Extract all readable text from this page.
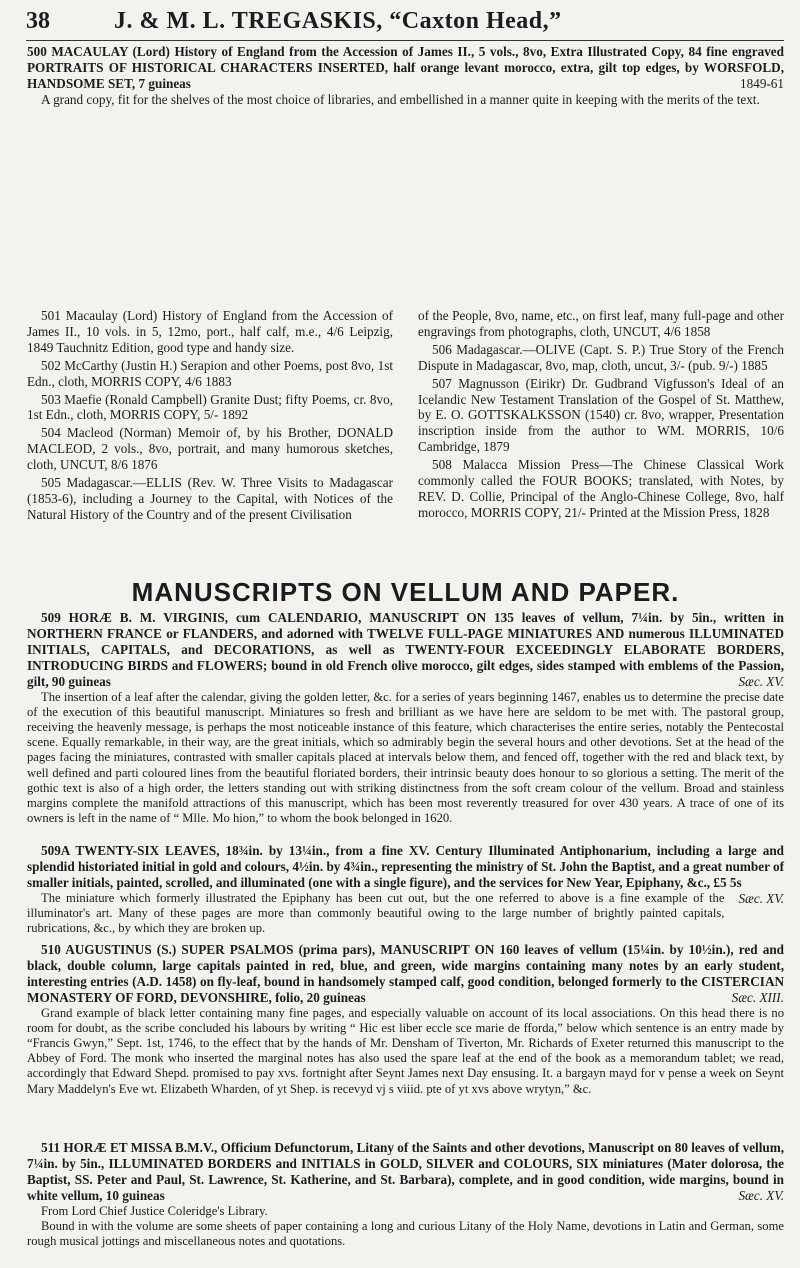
38	J. & M. L. TREGASKIS, “Caxton Head,”

500 MACAULAY (Lord) History of England from the Accession of James II., 5 vols., 8vo, Extra Illustrated Copy, 84 fine engraved PORTRAITS OF HISTORICAL CHARACTERS INSERTED, half orange levant morocco, extra, gilt top edges, by WORSFOLD, HANDSOME SET, 7 guineas	1849-61

A grand copy, fit for the shelves of the most choice of libraries, and embellished in a manner quite in keeping with the merits of the text.

501 Macaulay (Lord) History of England from the Accession of James II., 10 vols. in 5, 12mo, port., half calf, m.e., 4/6 Leipzig, 1849 Tauchnitz Edition, good type and handy size.

502 McCarthy (Justin H.) Serapion and other Poems, post 8vo, 1st Edn., cloth, MORRIS COPY, 4/6 1883

503 Maefie (Ronald Campbell) Granite Dust; fifty Poems, cr. 8vo, 1st Edn., cloth, MORRIS COPY, 5/- 1892

504 Macleod (Norman) Memoir of, by his Brother, DONALD MACLEOD, 2 vols., 8vo, portrait, and many humorous sketches, cloth, UNCUT, 8/6 1876

505 Madagascar.—ELLIS (Rev. W. Three Visits to Madagascar (1853-6), including a Journey to the Capital, with Notices of the Natural History of the Country and of the present Civilisation

of the People, 8vo, name, etc., on first leaf, many full-page and other engravings from photographs, cloth, UNCUT, 4/6 1858

506 Madagascar.—OLIVE (Capt. S. P.) True Story of the French Dispute in Madagascar, 8vo, map, cloth, uncut, 3/- (pub. 9/-) 1885

507 Magnusson (Eirikr) Dr. Gudbrand Vigfusson's Ideal of an Icelandic New Testament Translation of the Gospel of St. Matthew, by E. O. GOTTSKALKSSON (1540) cr. 8vo, wrapper, Presentation inscription inside from the author to WM. MORRIS, 10/6 Cambridge, 1879

508 Malacca Mission Press—The Chinese Classical Work commonly called the FOUR BOOKS; translated, with Notes, by REV. D. Collie, Principal of the Anglo-Chinese College, 8vo, half morocco, MORRIS COPY, 21/- Printed at the Mission Press, 1828

MANUSCRIPTS ON VELLUM AND PAPER.

509 HORÆ B. M. VIRGINIS, cum CALENDARIO, MANUSCRIPT ON 135 leaves of vellum, 7¼in. by 5in., written in NORTHERN FRANCE or FLANDERS, and adorned with TWELVE FULL-PAGE MINIATURES AND numerous ILLUMINATED INITIALS, CAPITALS, and DECORATIONS, as well as TWENTY-FOUR EXCEEDINGLY ELABORATE BORDERS, INTRODUCING BIRDS and FLOWERS; bound in old French olive morocco, gilt edges, sides stamped with emblems of the Passion, gilt, 90 guineas	Sæc. XV.

The insertion of a leaf after the calendar, giving the golden letter, &c. for a series of years beginning 1467, enables us to determine the precise date of the execution of this beautiful manuscript. Miniatures so fresh and brilliant as we have here are seldom to be met with. The pastoral group, receiving the heavenly message, is perhaps the most noticeable instance of this feature, which characterises the entire series, notably the Pentecostal scene. Equally remarkable, in their way, are the great initials, which so admirably begin the several hours and other devotions. Set at the head of the pages facing the miniatures, contrasted with smaller capitals placed at intervals below them, and fenced off, together with the red and black text, by well defined and parti coloured lines from the beautiful floriated borders, their intrinsic beauty does honour to so glorious a setting. The merit of the gothic text is also of a high order, the letters standing out with striking distinctness from the soft cream colour of the vellum. Broad and stainless margins complete the manifold attractions of this manuscript, which has been most reverently treasured for over 430 years. A trace of one of its owners is left in the name of “ Mlle. Mo hion,” to whom the book belonged in 1620.

509A TWENTY-SIX LEAVES, 18¾in. by 13¼in., from a fine XV. Century Illuminated Antiphonarium, including a large and splendid historiated initial in gold and colours, 4½in. by 4¾in., representing the ministry of St. John the Baptist, and a great number of smaller initials, painted, scrolled, and illuminated (one with a single figure), and the services for New Year, Epiphany, &c., £5 5s
Sæc. XV.

The miniature which formerly illustrated the Epiphany has been cut out, but the one referred to above is a fine example of the illuminator's art. Many of these pages are more than commonly beautiful owing to the large number of brightly painted capitals, rubrications, &c., by which they are broken up.

510 AUGUSTINUS (S.) SUPER PSALMOS (prima pars), MANUSCRIPT ON 160 leaves of vellum (15¼in. by 10½in.), red and black, double column, large capitals painted in red, blue, and green, wide margins containing many notes by an early student, interesting entries (A.D. 1458) on fly-leaf, bound in handsomely stamped calf, good condition, belonged formerly to the CISTERCIAN MONASTERY OF FORD, DEVONSHIRE, folio, 20 guineas	Sæc. XIII.

Grand example of black letter containing many fine pages, and especially valuable on account of its local associations. On this head there is no room for doubt, as the scribe concluded his labours by writing “ Hic est liber eccle sce marie de fforda,” below which sentence is an entry made by “Francis Gwyn,” Sept. 1st, 1746, to the effect that by the hands of Mr. Densham of Tiverton, Mr. Richards of Exeter returned this manuscript to the Abbey of Ford. The monk who inserted the marginal notes has also used the spare leaf at the end of the book as a memorandum tablet; we read, accordingly that Edward Shepd. promised to pay xvs. fortnight after Seynt James next Day ensusing. It. a bargayn mayd for v pense a week on Seynt Mary Maddelyn's Eve wt. Elizabeth Wharden, of yt Shep. is recevyd vj s viiid. pte of yt xvs above wrytyn,” &c.

511 HORÆ ET MISSA B.M.V., Officium Defunctorum, Litany of the Saints and other devotions, Manuscript on 80 leaves of vellum, 7¼in. by 5in., ILLUMINATED BORDERS and INITIALS in GOLD, SILVER and COLOURS, SIX miniatures (Mater dolorosa, the Baptist, SS. Peter and Paul, St. Lawrence, St. Katherine, and St. Barbara), complete, and in good condition, wide margins, bound in white vellum, 10 guineas	Sæc. XV.

From Lord Chief Justice Coleridge's Library.

Bound in with the volume are some sheets of paper containing a long and curious Litany of the Holy Name, devotions in Latin and German, some rough musical jottings and miscellaneous notes and quotations.
